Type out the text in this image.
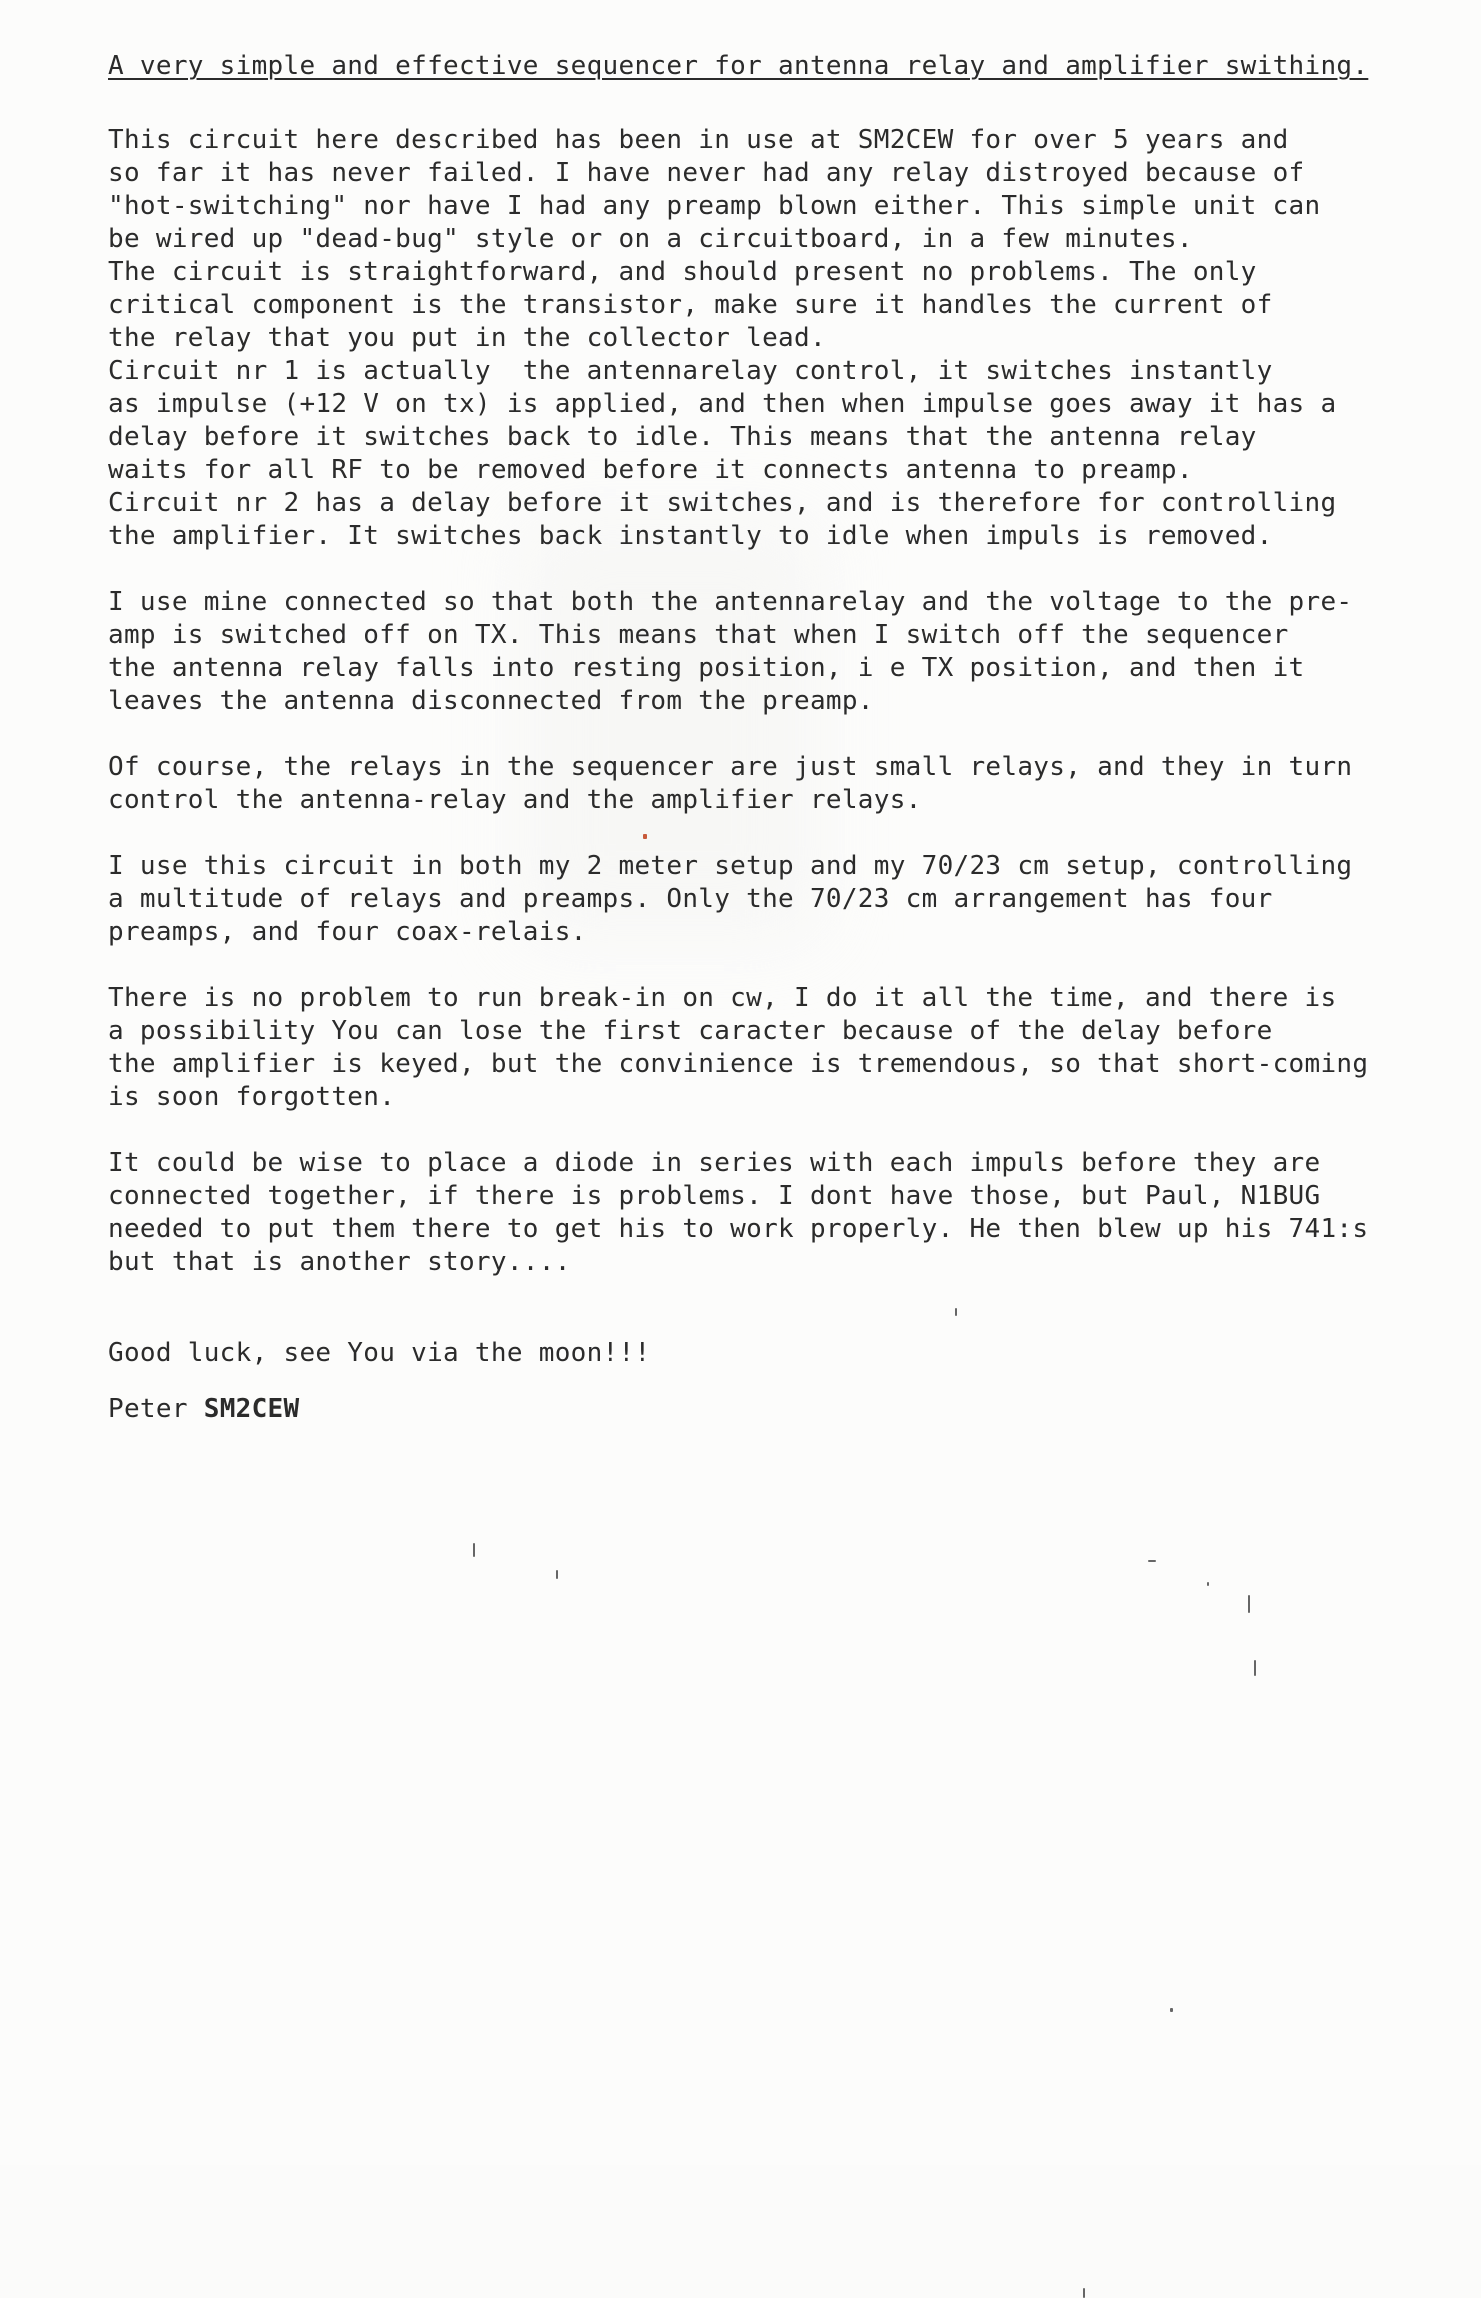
A very simple and effective sequencer for antenna relay and amplifier swithing.

This circuit here described has been in use at SM2CEW for over 5 years and
so far it has never failed. I have never had any relay distroyed because of
"hot-switching" nor have I had any preamp blown either. This simple unit can
be wired up "dead-bug" style or on a circuitboard, in a few minutes.
The circuit is straightforward, and should present no problems. The only
critical component is the transistor, make sure it handles the current of
the relay that you put in the collector lead.
Circuit nr 1 is actually  the antennarelay control, it switches instantly
as impulse (+12 V on tx) is applied, and then when impulse goes away it has a
delay before it switches back to idle. This means that the antenna relay
waits for all RF to be removed before it connects antenna to preamp.
Circuit nr 2 has a delay before it switches, and is therefore for controlling
the amplifier. It switches back instantly to idle when impuls is removed.

I use mine connected so that both the antennarelay and the voltage to the pre-
amp is switched off on TX. This means that when I switch off the sequencer
the antenna relay falls into resting position, i e TX position, and then it
leaves the antenna disconnected from the preamp.

Of course, the relays in the sequencer are just small relays, and they in turn
control the antenna-relay and the amplifier relays.

I use this circuit in both my 2 meter setup and my 70/23 cm setup, controlling
a multitude of relays and preamps. Only the 70/23 cm arrangement has four
preamps, and four coax-relais.

There is no problem to run break-in on cw, I do it all the time, and there is
a possibility You can lose the first caracter because of the delay before
the amplifier is keyed, but the convinience is tremendous, so that short-coming
is soon forgotten.

It could be wise to place a diode in series with each impuls before they are
connected together, if there is problems. I dont have those, but Paul, N1BUG
needed to put them there to get his to work properly. He then blew up his 741:s
but that is another story....

Good luck, see You via the moon!!!

Peter SM2CEW
